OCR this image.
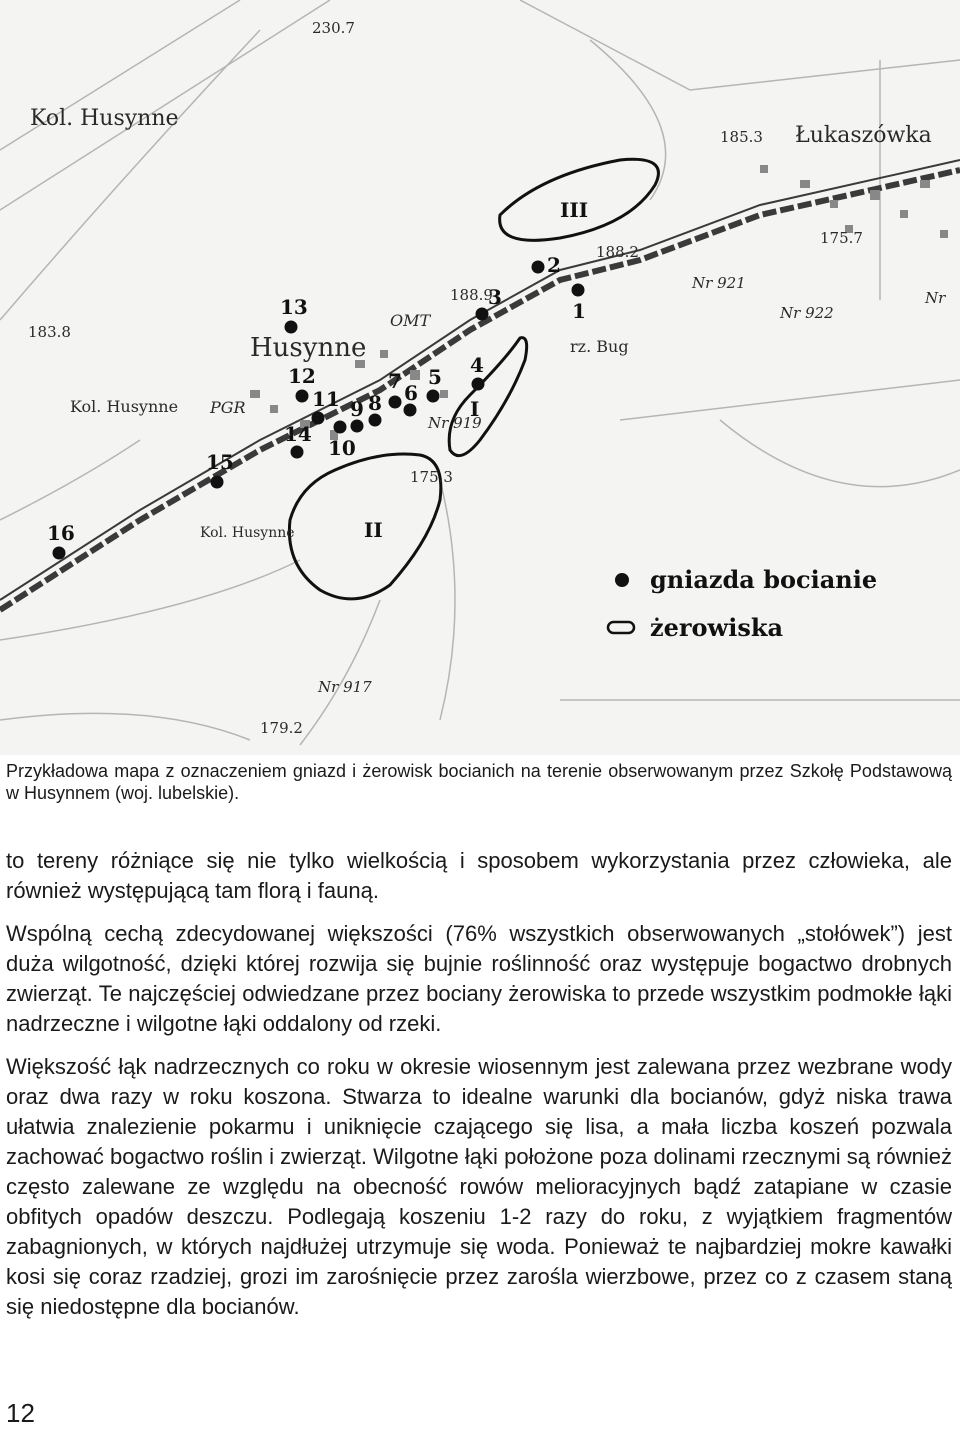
1
2
3
4
5
6
7
8
9
10
11
12
13
14
15
16
I
II
III
Kol. Husynne
Łukaszówka
Husynne
Kol. Husynne PGR
OMT
rz. Bug
Kol. Husynne
230.7
185.3
175.7
188.2
188.9
183.8
175.3
179.2
Nr 921
Nr 922
Nr
Nr 919
Nr 917
gniazda bocianie
żerowiska
Przykładowa mapa z oznaczeniem gniazd i żerowisk bocianich na terenie obserwowanym przez Szkołę Podstawową w Husynnem (woj. lubelskie).

to tereny różniące się nie tylko wielkością i sposobem wykorzystania przez człowieka, ale również występującą tam florą i fauną.

Wspólną cechą zdecydowanej większości (76% wszystkich obserwowanych „stołówek”) jest duża wilgotność, dzięki której rozwija się bujnie roślinność oraz występuje bogactwo drobnych zwierząt. Te najczęściej odwiedzane przez bociany żerowiska to przede wszystkim podmokłe łąki nadrzeczne i wilgotne łąki oddalony od rzeki.

Większość łąk nadrzecznych co roku w okresie wiosennym jest zalewana przez wezbrane wody oraz dwa razy w roku koszona. Stwarza to idealne warunki dla bocianów, gdyż niska trawa ułatwia znalezienie pokarmu i uniknięcie czającego się lisa, a mała liczba koszeń pozwala zachować bogactwo roślin i zwierząt. Wilgotne łąki położone poza dolinami rzecznymi są również często zalewane ze względu na obecność rowów melioracyjnych bądź zatapiane w czasie obfitych opadów deszczu. Podlegają koszeniu 1-2 razy do roku, z wyjątkiem fragmentów zabagnionych, w których najdłużej utrzymuje się woda. Ponieważ te najbardziej mokre kawałki kosi się coraz rzadziej, grozi im zarośnięcie przez zarośla wierzbowe, przez co z czasem staną się niedostępne dla bocianów.

12
